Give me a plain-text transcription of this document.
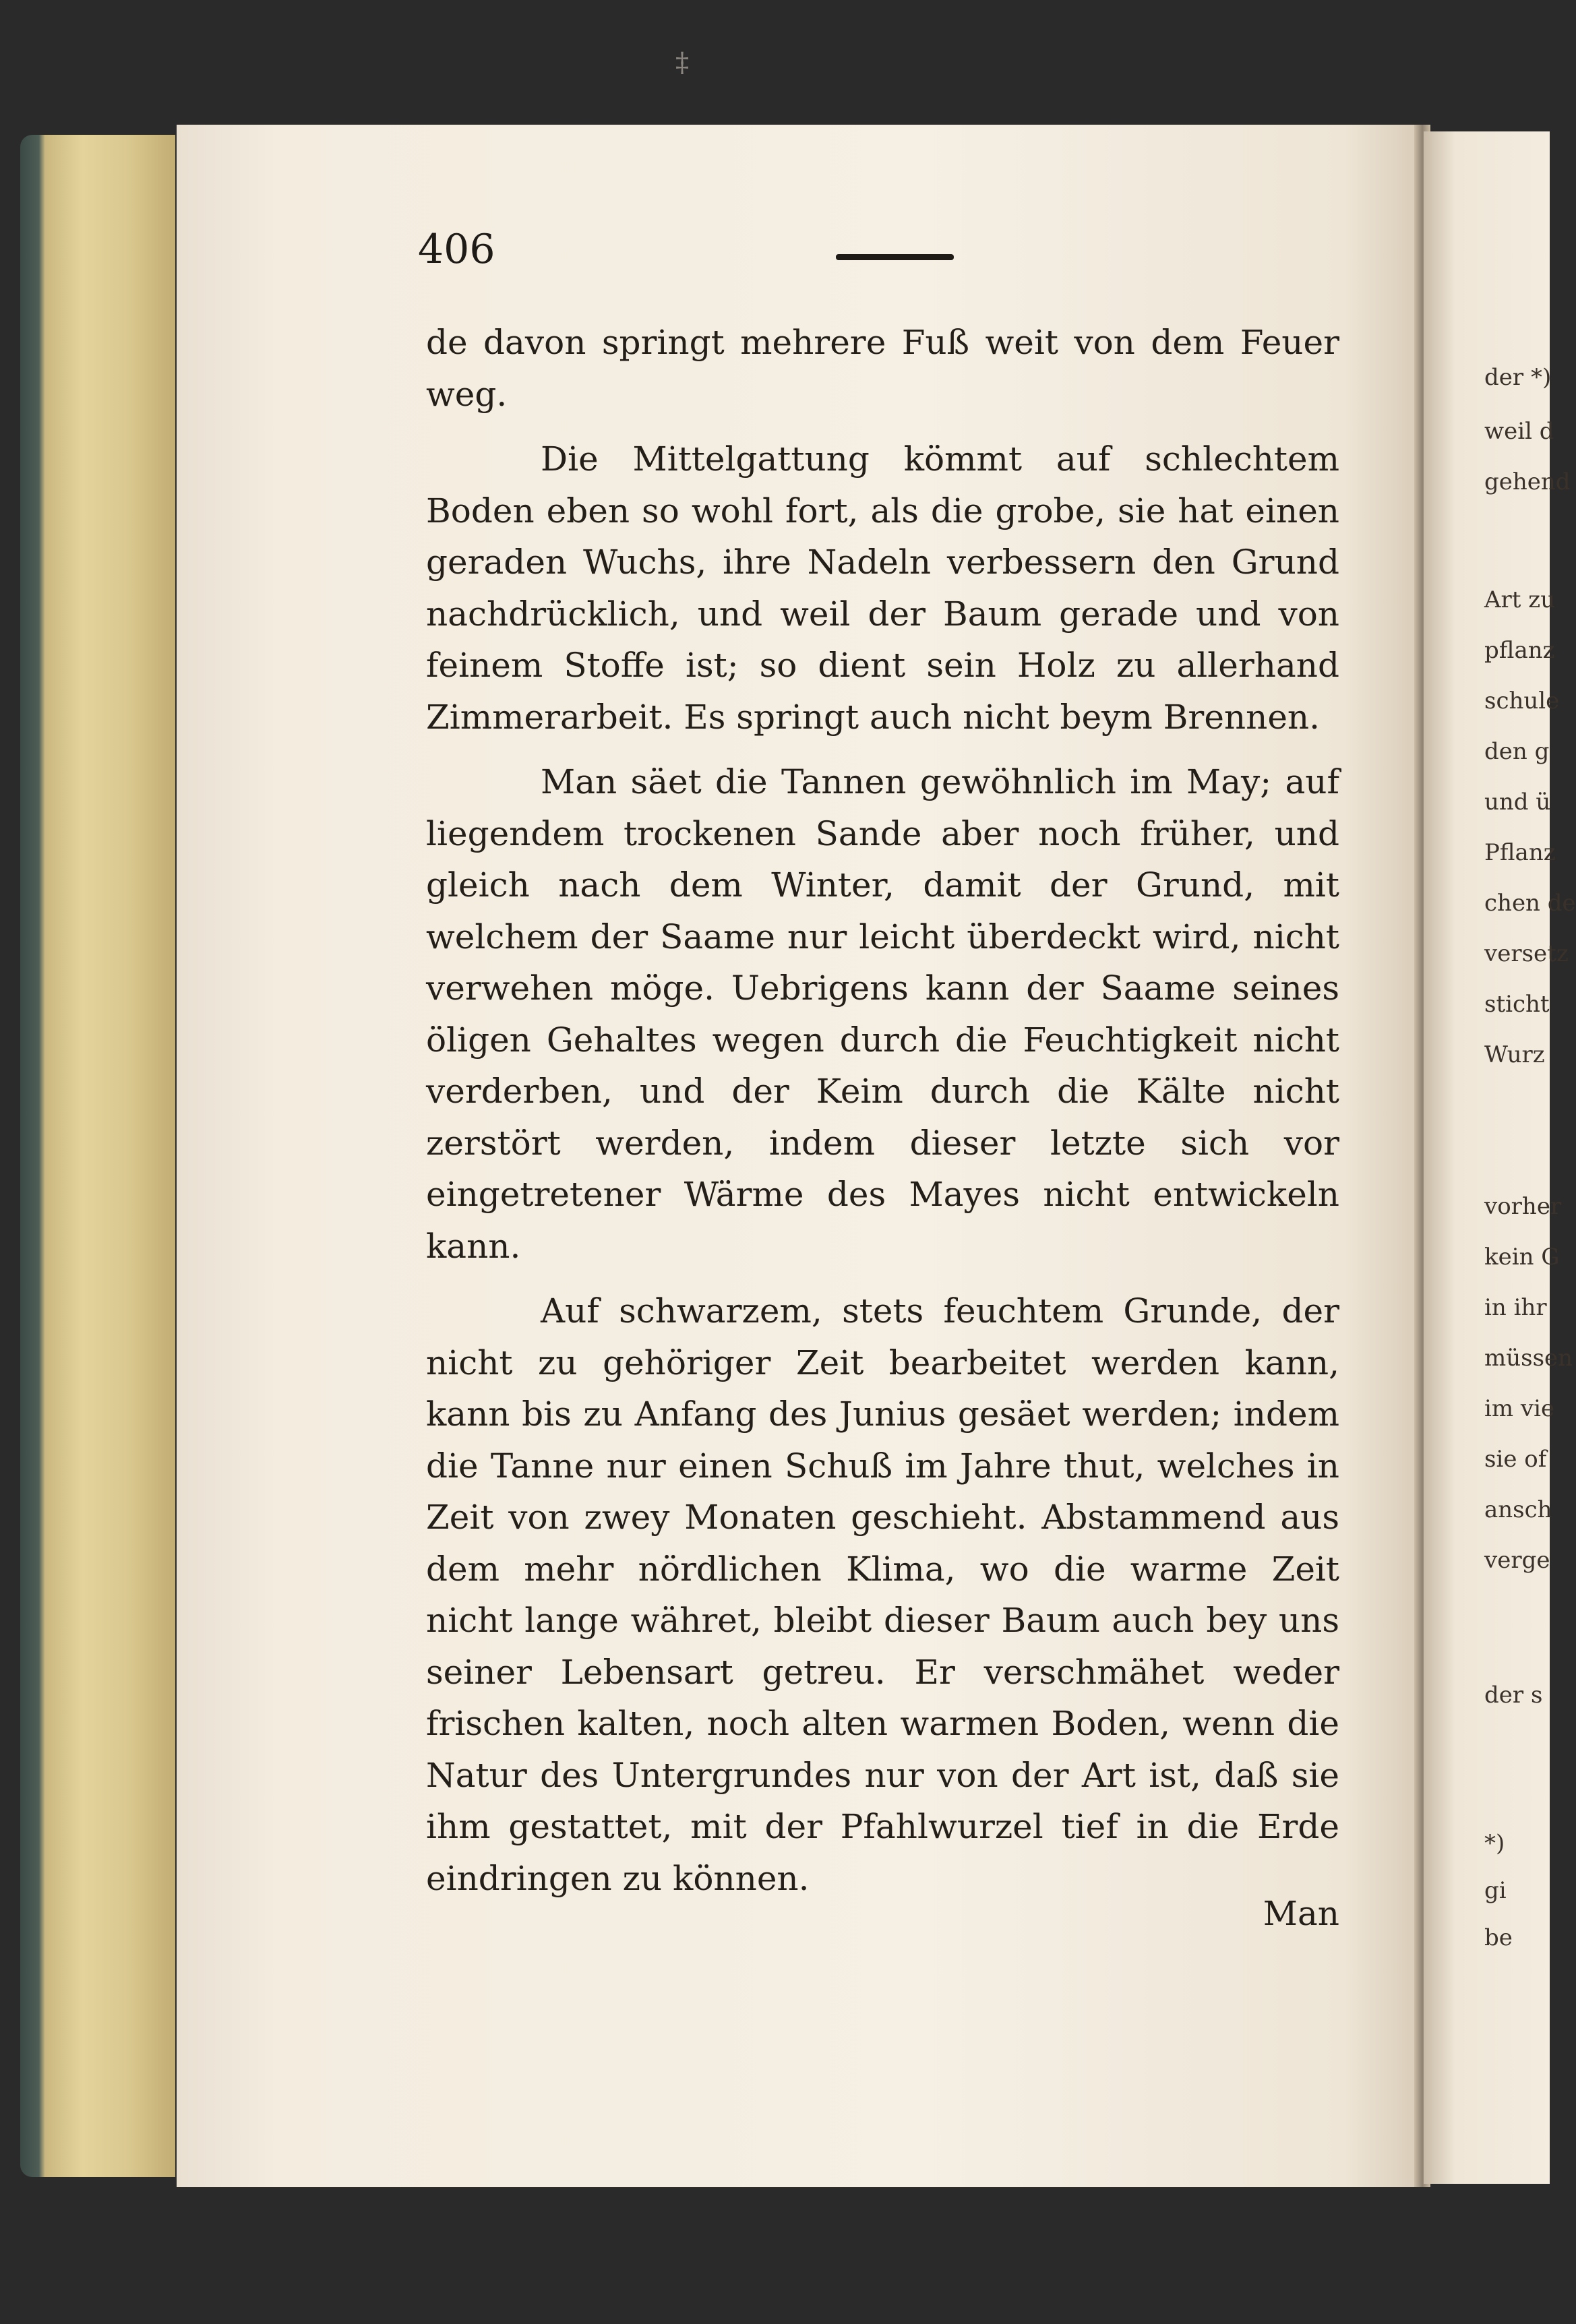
der *)
weil d
gehend
Art zu
pflanz
schule
den g
und ü
Pflanz
chen de
versetz
sticht
Wurz
vorher
kein G
in ihr
müssen
im vie
sie of
ansch
verge
der s
*)
gi
be
‡
406

de davon springt mehrere Fuß weit von dem Feuer weg.

Die Mittelgattung kömmt auf schlechtem Boden eben so wohl fort, als die grobe, sie hat einen geraden Wuchs, ihre Nadeln verbessern den Grund nachdrücklich, und weil der Baum gerade und von feinem Stoffe ist; so dient sein Holz zu allerhand Zimmerarbeit. Es springt auch nicht beym Brennen.

Man säet die Tannen gewöhnlich im May; auf liegendem trockenen Sande aber noch früher, und gleich nach dem Winter, damit der Grund, mit welchem der Saame nur leicht überdeckt wird, nicht verwehen möge. Uebrigens kann der Saame seines öligen Gehaltes wegen durch die Feuchtigkeit nicht verderben, und der Keim durch die Kälte nicht zerstört werden, indem dieser letzte sich vor eingetretener Wärme des Mayes nicht entwickeln kann.

Auf schwarzem, stets feuchtem Grunde, der nicht zu gehöriger Zeit bearbeitet werden kann, kann bis zu Anfang des Junius gesäet werden; indem die Tanne nur einen Schuß im Jahre thut, welches in Zeit von zwey Monaten geschieht. Abstammend aus dem mehr nördlichen Klima, wo die warme Zeit nicht lange währet, bleibt dieser Baum auch bey uns seiner Lebensart getreu. Er verschmähet weder frischen kalten, noch alten warmen Boden, wenn die Natur des Untergrundes nur von der Art ist, daß sie ihm gestattet, mit der Pfahlwurzel tief in die Erde eindringen zu können.

Man
